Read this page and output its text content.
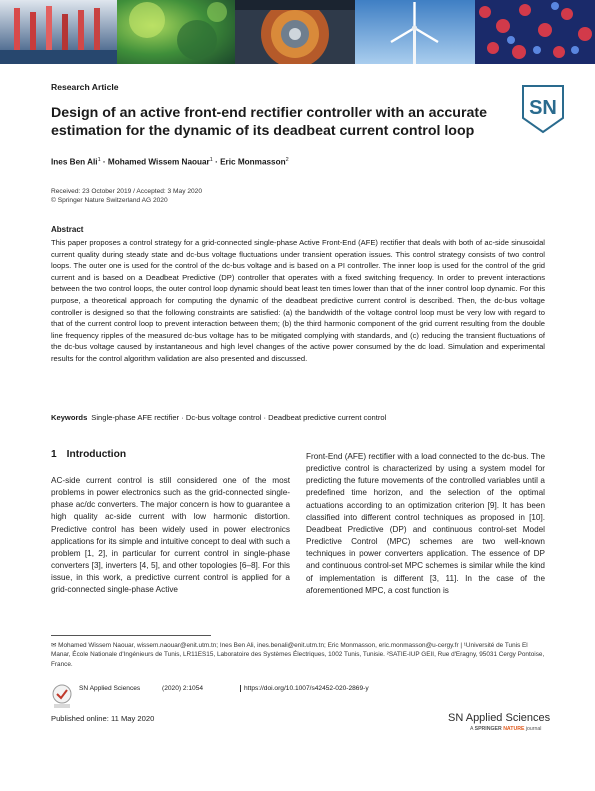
Research Article
SN
Design of an active front-end rectifier controller with an accurate estimation for the dynamic of its deadbeat current control loop
Ines Ben Ali$^1$ · Mohamed Wissem Naouar$^1$ · Eric Monmasson$^2$
Received: 23 October 2019 / Accepted: 3 May 2020
© Springer Nature Switzerland AG 2020
Abstract

This paper proposes a control strategy for a grid-connected single-phase Active Front-End (AFE) rectifier that deals with both of ac-side sinusoidal current quality during steady state and dc-bus voltage fluctuations under transient operation issues. This control strategy consists of two control loops. The outer one is used for the control of the dc-bus voltage and is based on a PI controller. The inner loop is used for the control of the grid current and is based on a Deadbeat Predictive (DP) controller that operates with a fixed switching frequency. In order to prevent interactions between the two control loops, the outer control loop dynamic should beat least ten times lower than that of the inner control loop dynamic. For this purpose, a theoretical approach for computing the dynamic of the deadbeat predictive current control is described. Then, the dc-bus voltage controller is designed so that the following constraints are satisfied: (a) the bandwidth of the voltage control loop must be very low with regard to that of the current control loop to prevent interaction between them; (b) the third harmonic component of the grid current resulting from the double line frequency ripples of the measured dc-bus voltage has to be mitigated complying with standards, and (c) reducing the transient fluctuations of the dc-bus voltage caused by instantaneous and high level changes of the active power consumed by the dc load. Simulation and experimental results for the control algorithm validation are also presented and discussed.

Keywords Single-phase AFE rectifier · Dc-bus voltage control · Deadbeat predictive current control
1 Introduction

AC-side current control is still considered one of the most problems in power electronics such as the grid-connected single-phase ac/dc converters. The major concern is how to guarantee a high quality ac-side current with low harmonic distortion. Predictive control has been widely used in power electronics applications for its simple and intuitive concept to deal with such a problem [1, 2], in particular for current control in single-phase converters [3], inverters [4, 5], and other topologies [6–8]. For this issue, in this work, a predictive current control is applied for a grid-connected single-phase Active

Front-End (AFE) rectifier with a load connected to the dc-bus. The predictive control is characterized by using a system model for predicting the future movements of the controlled variables until a predefined time horizon, and the selection of the optimal actuations according to an optimization criterion [9]. It has been classified into different control techniques as proposed in [10]. Deadbeat Predictive (DP) and continuous control-set Model Predictive Control (MPC) schemes are two well-known techniques in power converters application. The essence of DP and continuous control-set MPC schemes is similar while the kind of implementation is different [3, 11]. In the case of the aforementioned MPC, a cost function is

✉ Mohamed Wissem Naouar, wissem.naouar@enit.utm.tn; Ines Ben Ali, ines.benali@enit.utm.tn; Eric Monmasson, eric.monmasson@u-cergy.fr | ¹Université de Tunis El Manar, École Nationale d'Ingénieurs de Tunis, LR11ES15, Laboratoire des Systèmes Électriques, 1002 Tunis, Tunisie. ²SATIE-IUP GEII, Rue d'Eragny, 95031 Cergy Pontoise, France.

SN Applied Sciences	(2020) 2:1054	https://doi.org/10.1007/s42452-020-2869-y
Published online: 11 May 2020	SN Applied Sciences
A SPRINGER NATURE journal
